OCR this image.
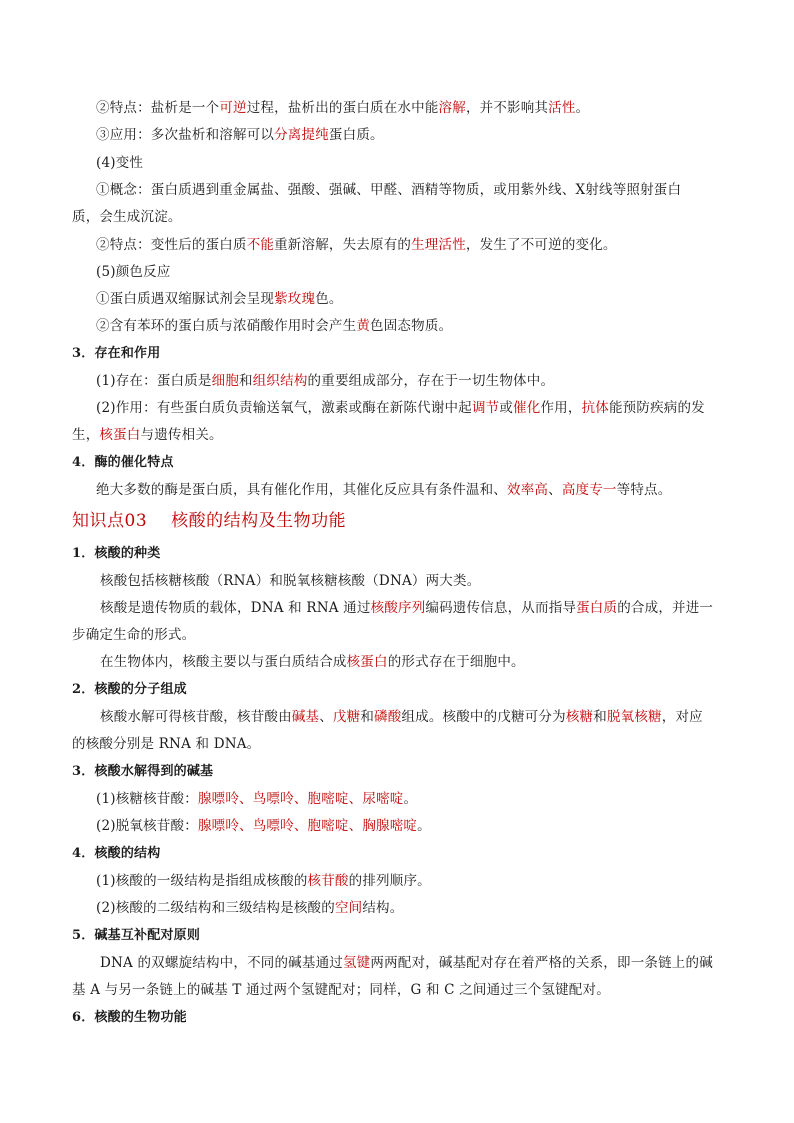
②特点：盐析是一个可逆过程，盐析出的蛋白质在水中能溶解，并不影响其活性。
③应用：多次盐析和溶解可以分离提纯蛋白质。
(4)变性
①概念：蛋白质遇到重金属盐、强酸、强碱、甲醛、酒精等物质，或用紫外线、X射线等照射蛋白
质，会生成沉淀。
②特点：变性后的蛋白质不能重新溶解，失去原有的生理活性，发生了不可逆的变化。
(5)颜色反应
①蛋白质遇双缩脲试剂会呈现紫玫瑰色。
②含有苯环的蛋白质与浓硝酸作用时会产生黄色固态物质。
3．存在和作用
(1)存在：蛋白质是细胞和组织结构的重要组成部分，存在于一切生物体中。
(2)作用：有些蛋白质负责输送氧气，激素或酶在新陈代谢中起调节或催化作用，抗体能预防疾病的发
生，核蛋白与遗传相关。
4．酶的催化特点
绝大多数的酶是蛋白质，具有催化作用，其催化反应具有条件温和、效率高、高度专一等特点。
知识点03 核酸的结构及生物功能
1．核酸的种类
核酸包括核糖核酸（RNA）和脱氧核糖核酸（DNA）两大类。
核酸是遗传物质的载体，DNA 和 RNA 通过核酸序列编码遗传信息，从而指导蛋白质的合成，并进一
步确定生命的形式。
在生物体内，核酸主要以与蛋白质结合成核蛋白的形式存在于细胞中。
2．核酸的分子组成
核酸水解可得核苷酸，核苷酸由碱基、戊糖和磷酸组成。核酸中的戊糖可分为核糖和脱氧核糖，对应
的核酸分别是 RNA 和 DNA。
3．核酸水解得到的碱基
(1)核糖核苷酸：腺嘌呤、鸟嘌呤、胞嘧啶、尿嘧啶。
(2)脱氧核苷酸：腺嘌呤、鸟嘌呤、胞嘧啶、胸腺嘧啶。
4．核酸的结构
(1)核酸的一级结构是指组成核酸的核苷酸的排列顺序。
(2)核酸的二级结构和三级结构是核酸的空间结构。
5．碱基互补配对原则
DNA 的双螺旋结构中，不同的碱基通过氢键两两配对，碱基配对存在着严格的关系，即一条链上的碱
基 A 与另一条链上的碱基 T 通过两个氢键配对；同样，G 和 C 之间通过三个氢键配对。
6．核酸的生物功能
